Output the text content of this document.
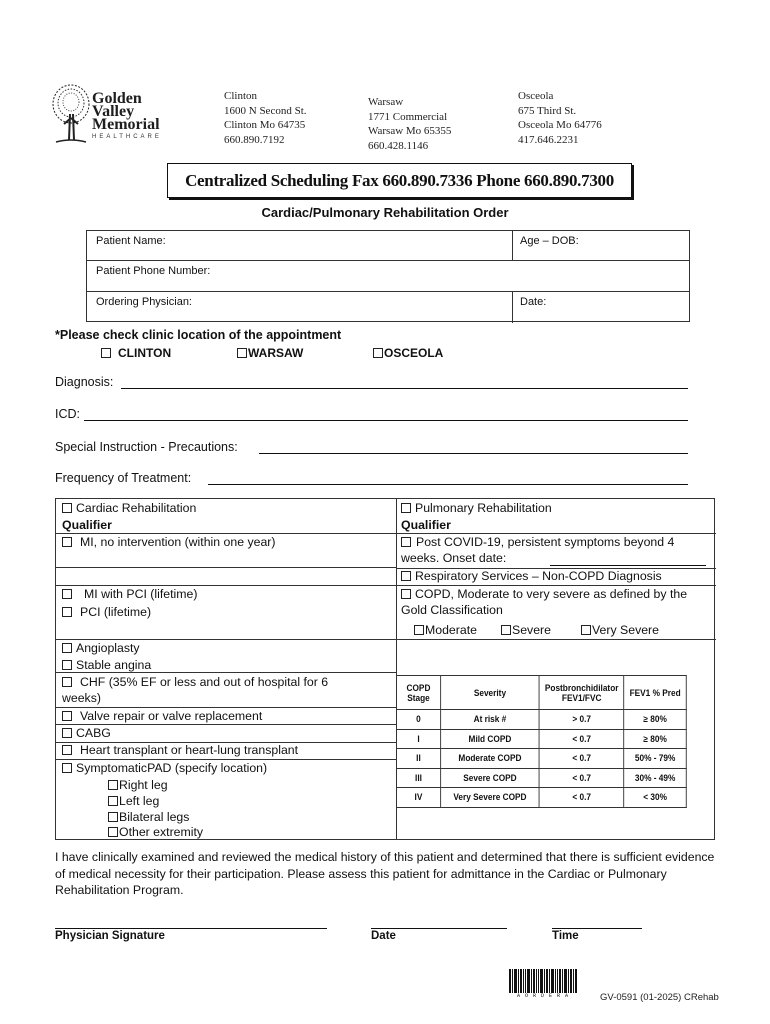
Golden
Valley
Memorial
HEALTHCARE
Clinton
1600 N Second St.
Clinton Mo 64735
660.890.7192
Warsaw
1771 Commercial
Warsaw Mo 65355
660.428.1146
Osceola
675 Third St.
Osceola Mo 64776
417.646.2231
Centralized Scheduling Fax 660.890.7336 Phone 660.890.7300
Cardiac/Pulmonary Rehabilitation Order
Patient Name:	Age – DOB:
Patient Phone Number:
Ordering Physician:	Date:
*Please check clinic location of the appointment
CLINTON	WARSAW	OSCEOLA
Diagnosis:
ICD:
Special Instruction - Precautions:
Frequency of Treatment:
Cardiac Rehabilitation
Qualifier
MI, no intervention (within one year)
MI with PCI (lifetime)
PCI (lifetime)
Angioplasty
Stable angina
CHF (35% EF or less and out of hospital for 6
weeks)
Valve repair or valve replacement
CABG
Heart transplant or heart-lung transplant
SymptomaticPAD (specify location)
Right leg
Left leg
Bilateral legs
Other extremity
Pulmonary Rehabilitation
Qualifier
Post COVID-19, persistent symptoms beyond 4
weeks. Onset date:
Respiratory Services – Non-COPD Diagnosis
COPD, Moderate to very severe as defined by the
Gold Classification
Moderate	Severe	Very Severe
COPD Stage	Severity	Postbronchidilator FEV1/FVC	FEV1 % Pred
0	At risk #	> 0.7	≥ 80%
I	Mild COPD	< 0.7	≥ 80%
II	Moderate COPD	< 0.7	50% - 79%
III	Severe COPD	< 0.7	30% - 49%
IV	Very Severe COPD	< 0.7	< 30%
I have clinically examined and reviewed the medical history of this patient and determined that there is sufficient evidence of medical necessity for their participation. Please assess this patient for admittance in the Cardiac or Pulmonary Rehabilitation Program.
Physician Signature	Date	Time
A O R D E R A	GV-0591 (01-2025) CRehab
